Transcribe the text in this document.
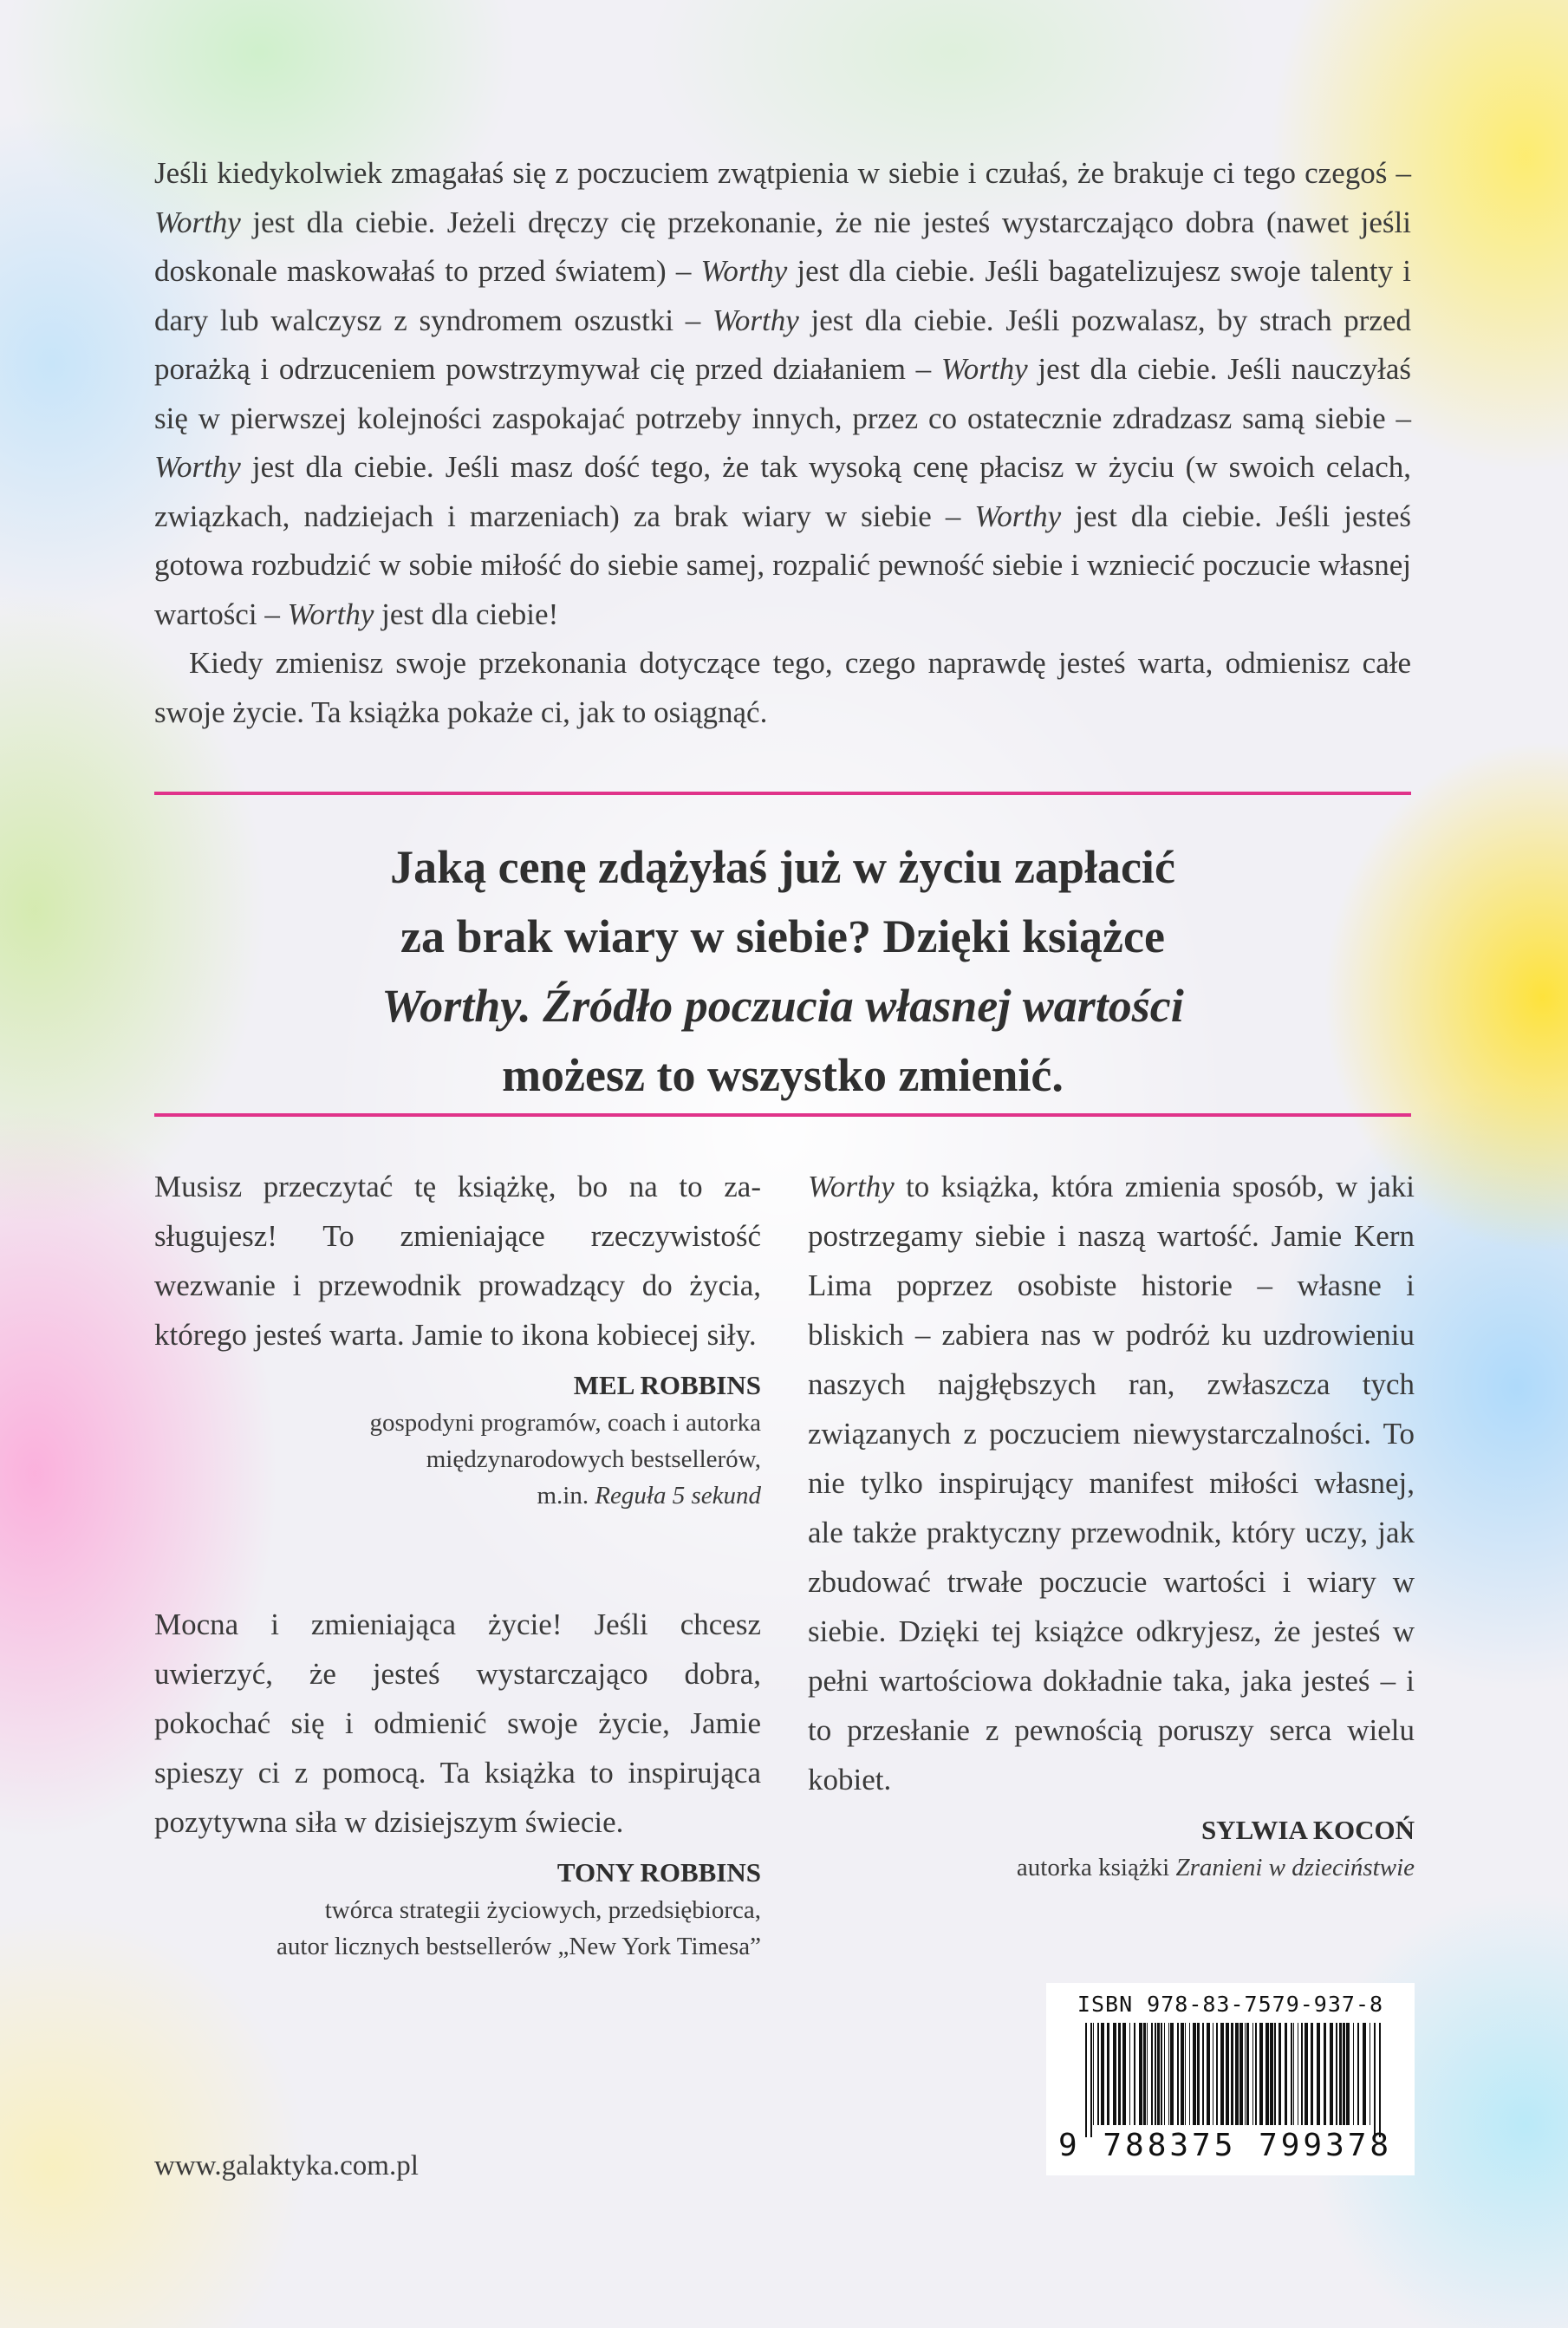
Jeśli kiedykolwiek zmagałaś się z poczuciem zwątpienia w siebie i czułaś, że brakuje ci tego czegoś – Worthy jest dla ciebie. Jeżeli dręczy cię przekonanie, że nie jesteś wystarczająco dobra (nawet jeśli doskonale maskowałaś to przed światem) – Worthy jest dla ciebie. Jeśli bagatelizujesz swoje talenty i dary lub walczysz z syndromem oszustki – Worthy jest dla ciebie. Jeśli pozwalasz, by strach przed porażką i odrzuceniem powstrzymywał cię przed działaniem – Worthy jest dla ciebie. Jeśli nauczyłaś się w pierwszej kolejności zaspokajać potrzeby innych, przez co ostatecznie zdradzasz samą siebie – Worthy jest dla ciebie. Jeśli masz dość tego, że tak wysoką cenę płacisz w życiu (w swoich celach, związkach, nadziejach i marzeniach) za brak wiary w siebie – Worthy jest dla ciebie. Jeśli jesteś gotowa rozbudzić w sobie miłość do siebie samej, rozpalić pewność siebie i wzniecić poczucie własnej wartości – Worthy jest dla ciebie!

Kiedy zmienisz swoje przekonania dotyczące tego, czego naprawdę jesteś warta, odmienisz całe swoje życie. Ta książka pokaże ci, jak to osiągnąć.

Jaką cenę zdążyłaś już w życiu zapłacić
za brak wiary w siebie? Dzięki książce
Worthy. Źródło poczucia własnej wartości
możesz to wszystko zmienić.

Musisz przeczytać tę książkę, bo na to zasługujesz! To zmieniające rzeczywistość wezwanie i przewodnik prowadzący do życia, którego jesteś warta. Jamie to ikona kobiecej siły.

MEL ROBBINS
gospodyni programów, coach i autorka
międzynarodowych bestsellerów,
m.in. Reguła 5 sekund

Mocna i zmieniająca życie! Jeśli chcesz uwierzyć, że jesteś wystarczająco dobra, pokochać się i odmienić swoje życie, Jamie spieszy ci z pomocą. Ta książka to inspirująca pozytywna siła w dzisiejszym świecie.

TONY ROBBINS
twórca strategii życiowych, przedsiębiorca,
autor licznych bestsellerów „New York Timesa”

Worthy to książka, która zmienia sposób, w jaki postrzegamy siebie i naszą wartość. Jamie Kern Lima poprzez osobiste historie – własne i bliskich – zabiera nas w podróż ku uzdrowieniu naszych najgłębszych ran, zwłaszcza tych związanych z poczuciem niewystarczalności. To nie tylko inspirujący manifest miłości własnej, ale także praktyczny przewodnik, który uczy, jak zbudować trwałe poczucie wartości i wiary w siebie. Dzięki tej książce odkryjesz, że jesteś w pełni wartościowa dokładnie taka, jaka jesteś – i to przesłanie z pewnością poruszy serca wielu kobiet.

SYLWIA KOCOŃ
autorka książki Zranieni w dzieciństwie
ISBN 978-83-7579-937-8
9 788375 799378
www.galaktyka.com.pl
